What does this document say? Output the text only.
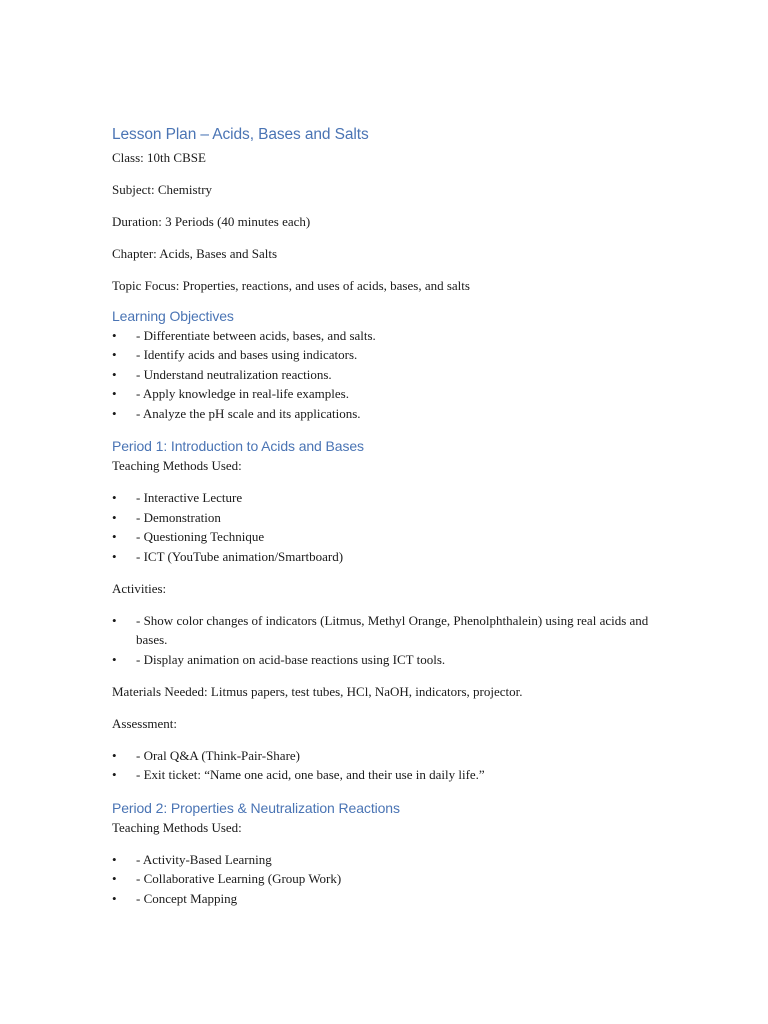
Lesson Plan – Acids, Bases and Salts

Class: 10th CBSE

Subject: Chemistry

Duration: 3 Periods (40 minutes each)

Chapter: Acids, Bases and Salts

Topic Focus: Properties, reactions, and uses of acids, bases, and salts

Learning Objectives
• - Differentiate between acids, bases, and salts.
• - Identify acids and bases using indicators.
• - Understand neutralization reactions.
• - Apply knowledge in real-life examples.
• - Analyze the pH scale and its applications.
Period 1: Introduction to Acids and Bases

Teaching Methods Used:

• - Interactive Lecture
• - Demonstration
• - Questioning Technique
• - ICT (YouTube animation/Smartboard)

Activities:

• - Show color changes of indicators (Litmus, Methyl Orange, Phenolphthalein) using real acids and bases.
• - Display animation on acid-base reactions using ICT tools.

Materials Needed: Litmus papers, test tubes, HCl, NaOH, indicators, projector.

Assessment:

• - Oral Q&A (Think-Pair-Share)
• - Exit ticket: “Name one acid, one base, and their use in daily life.”
Period 2: Properties & Neutralization Reactions

Teaching Methods Used:

• - Activity-Based Learning
• - Collaborative Learning (Group Work)
• - Concept Mapping
